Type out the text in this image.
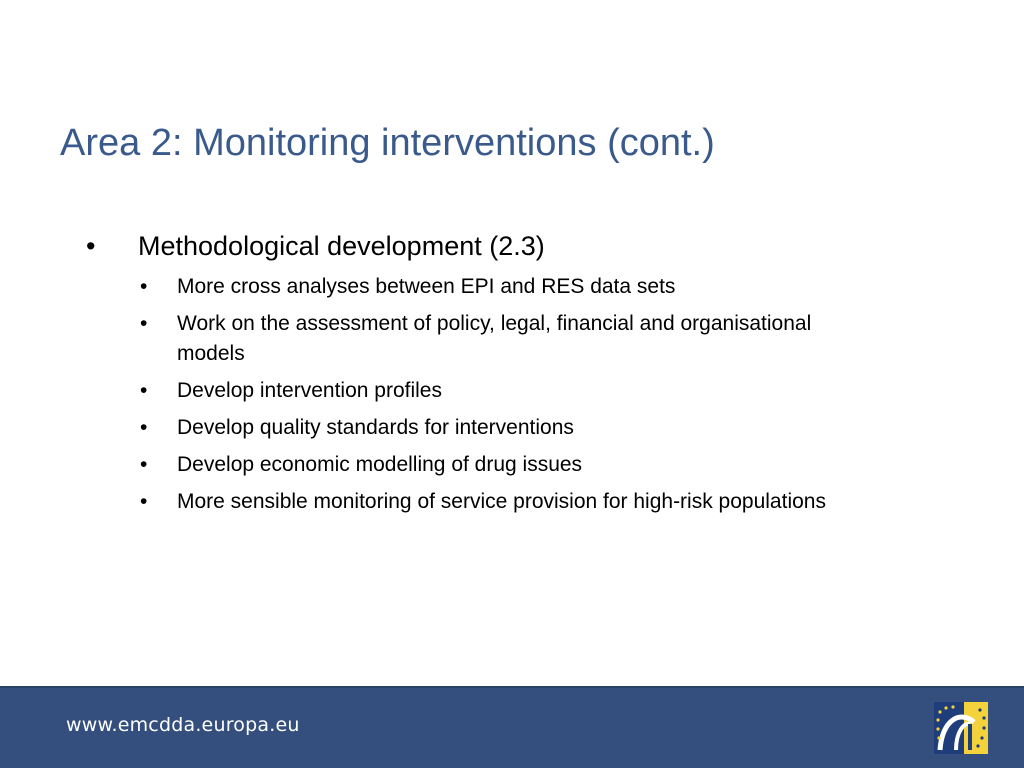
Area 2: Monitoring interventions (cont.)

• Methodological development (2.3)

• More cross analyses between EPI and RES data sets
• Work on the assessment of policy, legal, financial and organisational models
• Develop intervention profiles
• Develop quality standards for interventions
• Develop economic modelling of drug issues
• More sensible monitoring of service provision for high-risk populations
www.emcdda.europa.eu
